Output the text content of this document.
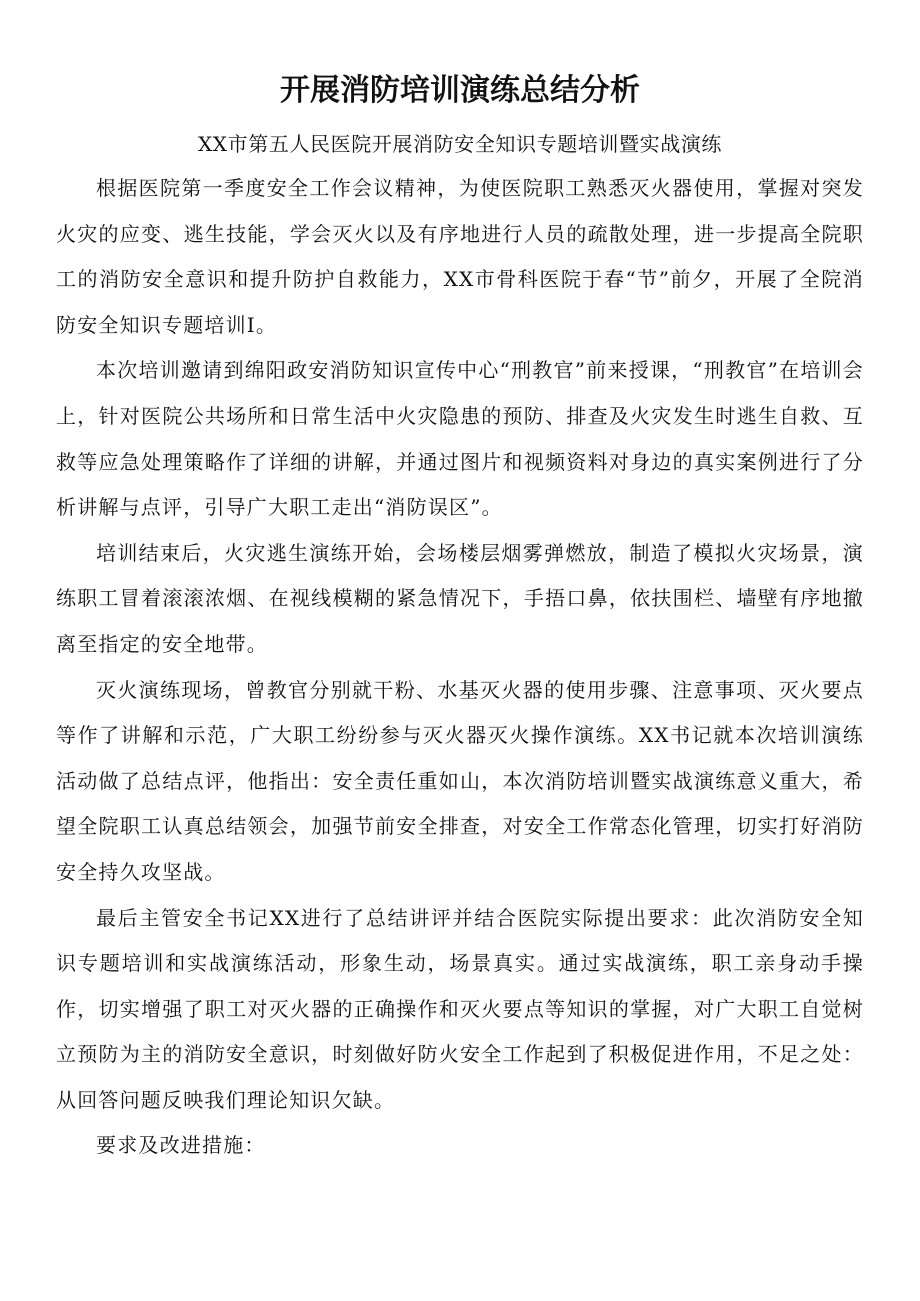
开展消防培训演练总结分析
XX市第五人民医院开展消防安全知识专题培训暨实战演练

根据医院第一季度安全工作会议精神，为使医院职工熟悉灭火器使用，掌握对突发火灾的应变、逃生技能，学会灭火以及有序地进行人员的疏散处理，进一步提高全院职工的消防安全意识和提升防护自救能力，XX市骨科医院于春“节”前夕，开展了全院消防安全知识专题培训I。

本次培训邀请到绵阳政安消防知识宣传中心“刑教官”前来授课，“刑教官”在培训会上，针对医院公共场所和日常生活中火灾隐患的预防、排查及火灾发生时逃生自救、互救等应急处理策略作了详细的讲解，并通过图片和视频资料对身边的真实案例进行了分析讲解与点评，引导广大职工走出“消防误区”。

培训结束后，火灾逃生演练开始，会场楼层烟雾弹燃放，制造了模拟火灾场景，演练职工冒着滚滚浓烟、在视线模糊的紧急情况下，手捂口鼻，依扶围栏、墙壁有序地撤离至指定的安全地带。

灭火演练现场，曾教官分别就干粉、水基灭火器的使用步骤、注意事项、灭火要点等作了讲解和示范，广大职工纷纷参与灭火器灭火操作演练。XX书记就本次培训演练活动做了总结点评，他指出：安全责任重如山，本次消防培训暨实战演练意义重大，希望全院职工认真总结领会，加强节前安全排查，对安全工作常态化管理，切实打好消防安全持久攻坚战。

最后主管安全书记XX进行了总结讲评并结合医院实际提出要求：此次消防安全知识专题培训和实战演练活动，形象生动，场景真实。通过实战演练，职工亲身动手操作，切实增强了职工对灭火器的正确操作和灭火要点等知识的掌握，对广大职工自觉树立预防为主的消防安全意识，时刻做好防火安全工作起到了积极促进作用，不足之处：从回答问题反映我们理论知识欠缺。

要求及改进措施：
